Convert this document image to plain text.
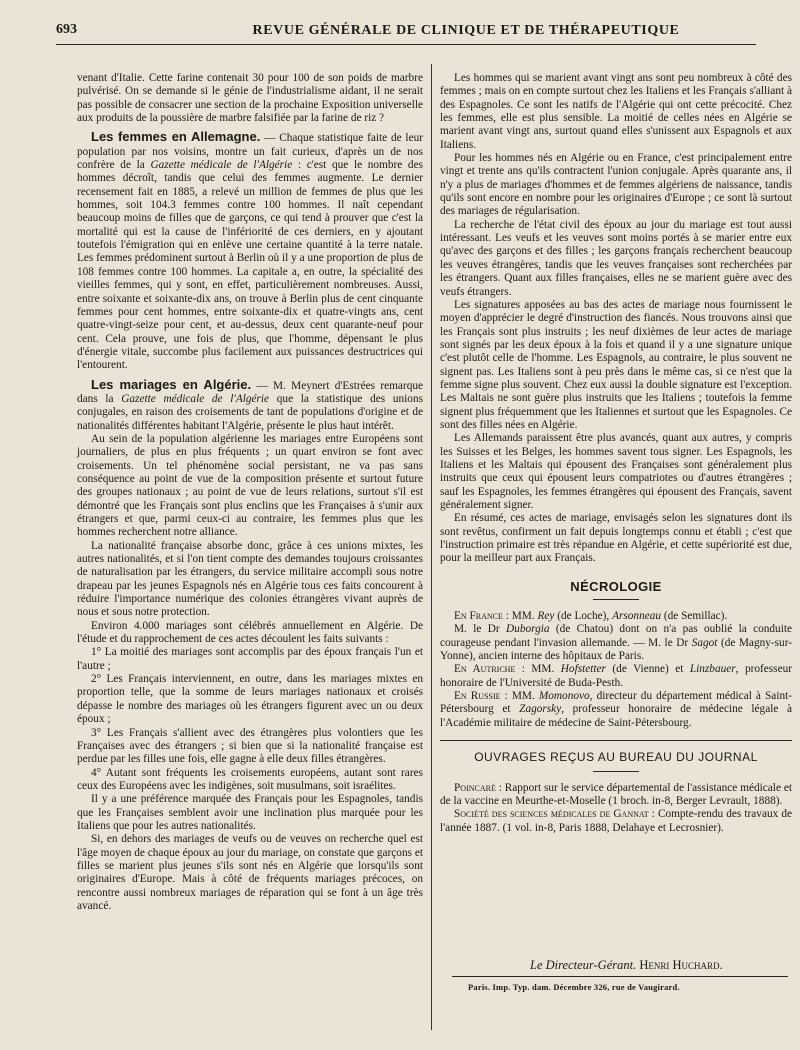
693	REVUE GÉNÉRALE DE CLINIQUE ET DE THÉRAPEUTIQUE

venant d'Italie. Cette farine contenait 30 pour 100 de son poids de marbre pulvérisé. On se demande si le génie de l'industrialisme aidant, il ne serait pas possible de consacrer une section de la prochaine Exposition universelle aux produits de la poussière de marbre falsifiée par la farine de riz ?

Les femmes en Allemagne. — Chaque statistique faite de leur population par nos voisins, montre un fait curieux, d'après un de nos confrère de la Gazette médicale de l'Algérie : c'est que le nombre des hommes décroît, tandis que celui des femmes augmente. Le dernier recensement fait en 1885, a relevé un million de femmes de plus que les hommes, soit 104.3 femmes contre 100 hommes. Il naît cependant beaucoup moins de filles que de garçons, ce qui tend à prouver que c'est la mortalité qui est la cause de l'infériorité de ces derniers, en y ajoutant toutefois l'émigration qui en enlève une certaine quantité à la terre natale. Les femmes prédominent surtout à Berlin où il y a une proportion de plus de 108 femmes contre 100 hommes. La capitale a, en outre, la spécialité des vieilles femmes, qui y sont, en effet, particulièrement nombreuses. Aussi, entre soixante et soixante-dix ans, on trouve à Berlin plus de cent cinquante femmes pour cent hommes, entre soixante-dix et quatre-vingts ans, cent quatre-vingt-seize pour cent, et au-dessus, deux cent quarante-neuf pour cent. Cela prouve, une fois de plus, que l'homme, dépensant le plus d'énergie vitale, succombe plus facilement aux puissances destructrices qui l'entourent.

Les mariages en Algérie. — M. Meynert d'Estrées remarque dans la Gazette médicale de l'Algérie que la statistique des unions conjugales, en raison des croisements de tant de populations d'origine et de nationalités différentes habitant l'Algérie, présente le plus haut intérêt.

Au sein de la population algérienne les mariages entre Européens sont journaliers, de plus en plus fréquents ; un quart environ se font avec croisements. Un tel phénomène social persistant, ne va pas sans conséquence au point de vue de la composition présente et surtout future des groupes nationaux ; au point de vue de leurs relations, surtout s'il est démontré que les Français sont plus enclins que les Françaises à s'unir aux étrangers et que, parmi ceux-ci au contraire, les femmes plus que les hommes recherchent notre alliance.

La nationalité française absorbe donc, grâce à ces unions mixtes, les autres nationalités, et si l'on tient compte des demandes toujours croissantes de naturalisation par les étrangers, du service militaire accompli sous notre drapeau par les jeunes Espagnols nés en Algérie tous ces faits concourent à réduire l'importance numérique des colonies étrangères vivant auprès de nous et sous notre protection.

Environ 4.000 mariages sont célébrés annuellement en Algérie. De l'étude et du rapprochement de ces actes découlent les faits suivants :

1° La moitié des mariages sont accomplis par des époux français l'un et l'autre ;

2° Les Français interviennent, en outre, dans les mariages mixtes en proportion telle, que la somme de leurs mariages nationaux et croisés dépasse le nombre des mariages où les étrangers figurent avec un ou deux époux ;

3° Les Français s'allient avec des étrangères plus volontiers que les Françaises avec des étrangers ; si bien que si la nationalité française est perdue par les filles une fois, elle gagne à elle deux filles étrangères.

4° Autant sont fréquents les croisements européens, autant sont rares ceux des Européens avec les indigènes, soit musulmans, soit israélites.

Il y a une préférence marquée des Français pour les Espagnoles, tandis que les Françaises semblent avoir une inclination plus marquée pour les Italiens que pour les autres nationalités.

Si, en dehors des mariages de veufs ou de veuves on recherche quel est l'âge moyen de chaque époux au jour du mariage, on constate que garçons et filles se marient plus jeunes s'ils sont nés en Algérie que lorsqu'ils sont originaires d'Europe. Mais à côté de fréquents mariages précoces, on rencontre aussi nombreux mariages de réparation qui se font à un âge très avancé.

Les hommes qui se marient avant vingt ans sont peu nombreux à côté des femmes ; mais on en compte surtout chez les Italiens et les Français s'alliant à des Espagnoles. Ce sont les natifs de l'Algérie qui ont cette précocité. Chez les femmes, elle est plus sensible. La moitié de celles nées en Algérie se marient avant vingt ans, surtout quand elles s'unissent aux Espagnols et aux Italiens.

Pour les hommes nés en Algérie ou en France, c'est principalement entre vingt et trente ans qu'ils contractent l'union conjugale. Après quarante ans, il n'y a plus de mariages d'hommes et de femmes algériens de naissance, tandis qu'ils sont encore en nombre pour les originaires d'Europe ; ce sont là surtout des mariages de régularisation.

La recherche de l'état civil des époux au jour du mariage est tout aussi intéressant. Les veufs et les veuves sont moins portés à se marier entre eux qu'avec des garçons et des filles ; les garçons français recherchent beaucoup les veuves étrangères, tandis que les veuves françaises sont recherchées par les étrangers. Quant aux filles françaises, elles ne se marient guère avec des veufs étrangers.

Les signatures apposées au bas des actes de mariage nous fournissent le moyen d'apprécier le degré d'instruction des fiancés. Nous trouvons ainsi que les Français sont plus instruits ; les neuf dixièmes de leur actes de mariage sont signés par les deux époux à la fois et quand il y a une signature unique c'est plutôt celle de l'homme. Les Espagnols, au contraire, le plus souvent ne signent pas. Les Italiens sont à peu près dans le même cas, si ce n'est que la femme signe plus souvent. Chez eux aussi la double signature est l'exception. Les Maltais ne sont guère plus instruits que les Italiens ; toutefois la femme signent plus fréquemment que les Italiennes et surtout que les Espagnoles. Ce sont des filles nées en Algérie.

Les Allemands paraissent être plus avancés, quant aux autres, y compris les Suisses et les Belges, les hommes savent tous signer. Les Espagnols, les Italiens et les Maltais qui épousent des Françaises sont généralement plus instruits que ceux qui épousent leurs compatriotes ou d'autres étrangères ; sauf les Espagnoles, les femmes étrangères qui épousent des Français, savent généralement signer.

En résumé, ces actes de mariage, envisagés selon les signatures dont ils sont revêtus, confirment un fait depuis longtemps connu et établi ; c'est que l'instruction primaire est très répandue en Algérie, et cette supériorité est due, pour la meilleur part aux Français.

NÉCROLOGIE

En France : MM. Rey (de Loche), Arsonneau (de Semillac).

M. le Dr Duborgia (de Chatou) dont on n'a pas oublié la conduite courageuse pendant l'invasion allemande. — M. le Dr Sagot (de Magny-sur-Yonne), ancien interne des hôpitaux de Paris.

En Autriche : MM. Hofstetter (de Vienne) et Linzbauer, professeur honoraire de l'Université de Buda-Pesth.

En Russie : MM. Momonovo, directeur du département médical à Saint-Pétersbourg et Zagorsky, professeur honoraire de médecine légale à l'Académie militaire de médecine de Saint-Pétersbourg.

OUVRAGES REÇUS AU BUREAU DU JOURNAL

Poincaré : Rapport sur le service départemental de l'assistance médicale et de la vaccine en Meurthe-et-Moselle (1 broch. in-8, Berger Levrault, 1888).

Société des sciences médicales de Gannat : Compte-rendu des travaux de l'année 1887. (1 vol. in-8, Paris 1888, Delahaye et Lecrosnier).

Le Directeur-Gérant. Henri Huchard.
Paris. Imp. Typ. dam. Décembre 326, rue de Vaugirard.
